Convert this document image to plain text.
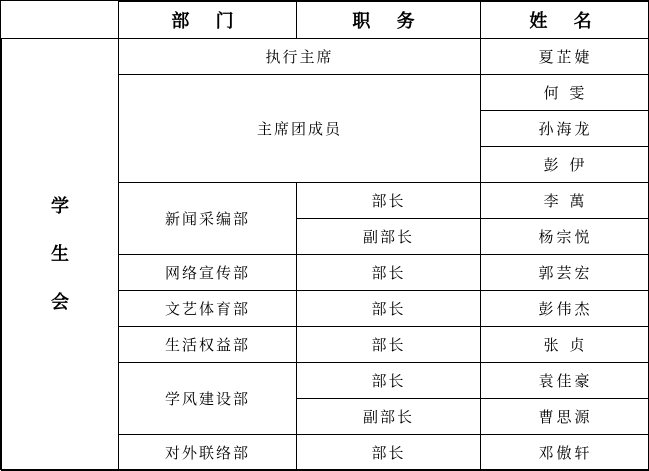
	部 门	职 务	姓 名
学生会	执行主席		夏芷婕
	主席团成员		何 雯
			孙海龙
			彭 伊
	新闻采编部	部长	李 萬
		副部长	杨宗悦
	网络宣传部	部长	郭芸宏
	文艺体育部	部长	彭伟杰
	生活权益部	部长	张 贞
	学风建设部	部长	袁佳豪
		副部长	曹思源
	对外联络部	部长	邓傲轩
